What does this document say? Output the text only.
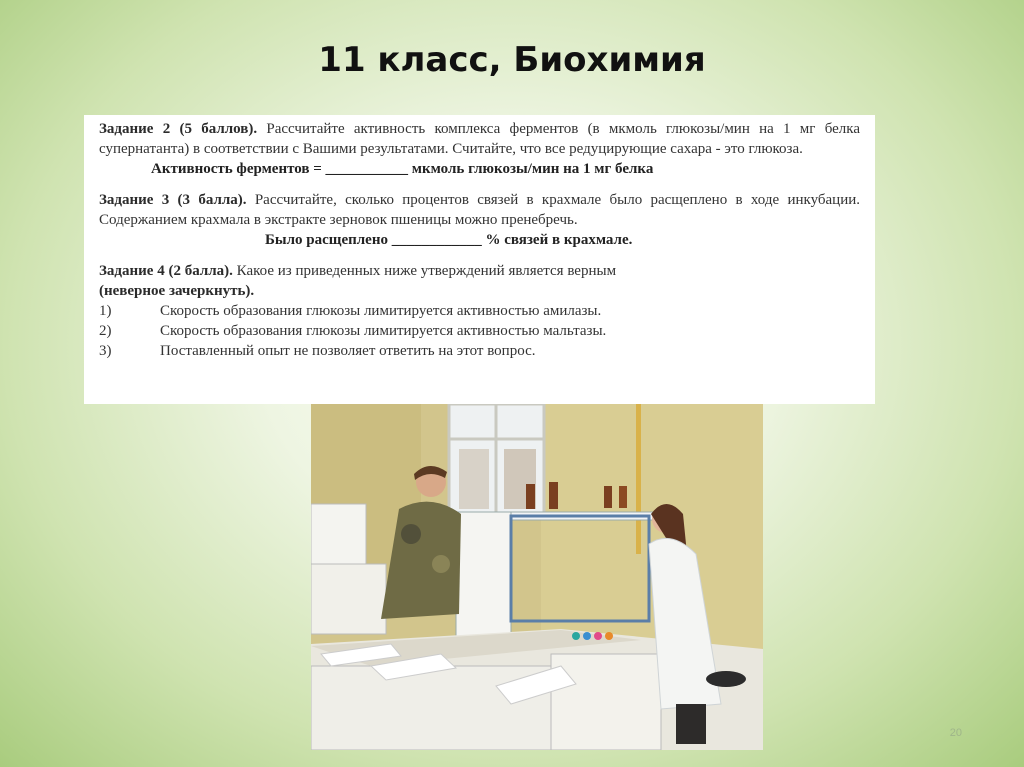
11 класс, Биохимия

Задание 2 (5 баллов). Рассчитайте активность комплекса ферментов (в мкмоль глюкозы/мин на 1 мг белка супернатанта) в соответствии с Вашими результатами. Считайте, что все редуцирующие сахара - это глюкоза.

Активность ферментов = ___________ мкмоль глюкозы/мин на 1 мг белка

Задание 3 (3 балла). Рассчитайте, сколько процентов связей в крахмале было расщеплено в ходе инкубации. Содержанием крахмала в экстракте зерновок пшеницы можно пренебречь.

Было расщеплено ____________ % связей в крахмале.

Задание 4 (2 балла). Какое из приведенных ниже утверждений является верным

(неверное зачеркнуть).

1)	Скорость образования глюкозы лимитируется активностью амилазы.
2)	Скорость образования глюкозы лимитируется активностью мальтазы.
3)	Поставленный опыт не позволяет ответить на этот вопрос.
20
